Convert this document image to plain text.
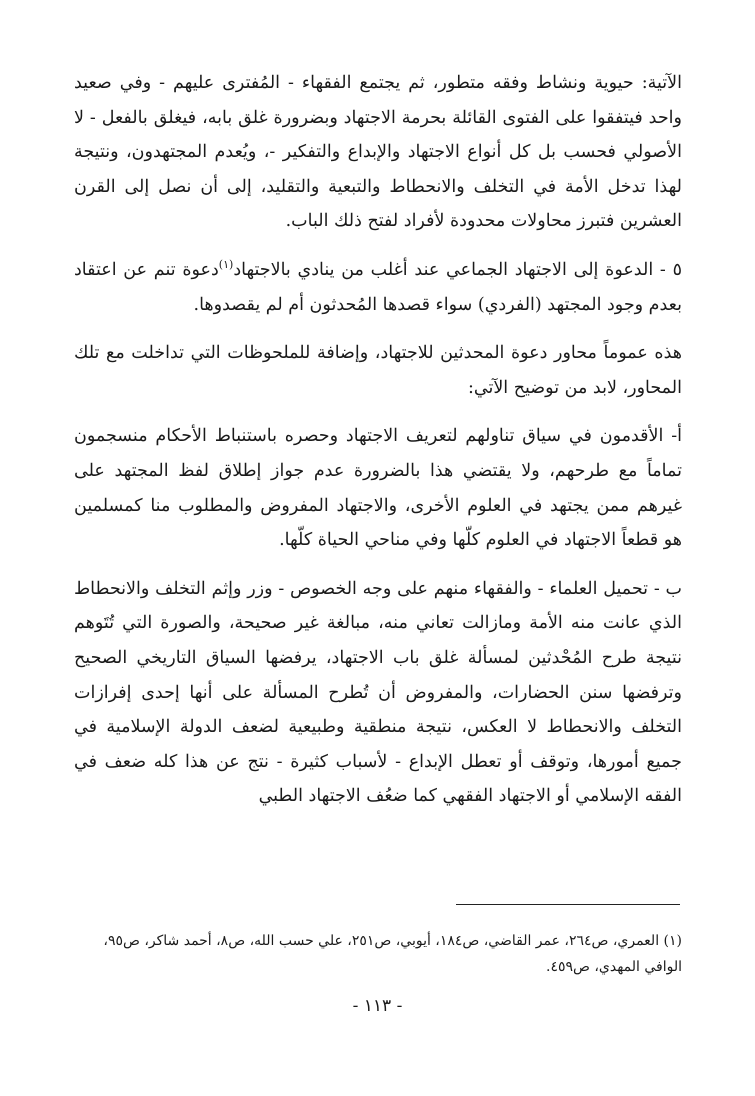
الآتية: حيوية ونشاط وفقه متطور، ثم يجتمع الفقهاء - المُفترى عليهم - وفي صعيد واحد فيتفقوا على الفتوى القائلة بحرمة الاجتهاد وبضرورة غلق بابه، فيغلق بالفعل - لا الأصولي فحسب بل كل أنواع الاجتهاد والإبداع والتفكير -، ويُعدم المجتهدون، ونتيجة لهذا تدخل الأمة في التخلف والانحطاط والتبعية والتقليد، إلى أن نصل إلى القرن العشرين فتبرز محاولات محدودة لأفراد لفتح ذلك الباب.

٥ - الدعوة إلى الاجتهاد الجماعي عند أغلب من ينادي بالاجتهاد$^{(١)}$دعوة تنم عن اعتقاد بعدم وجود المجتهد (الفردي) سواء قصدها المُحدثون أم لم يقصدوها.

هذه عموماً محاور دعوة المحدثين للاجتهاد، وإضافة للملحوظات التي تداخلت مع تلك المحاور، لابد من توضيح الآتي:

أ- الأقدمون في سياق تناولهم لتعريف الاجتهاد وحصره باستنباط الأحكام منسجمون تماماً مع طرحهم، ولا يقتضي هذا بالضرورة عدم جواز إطلاق لفظ المجتهد على غيرهم ممن يجتهد في العلوم الأخرى، والاجتهاد المفروض والمطلوب منا كمسلمين هو قطعاً الاجتهاد في العلوم كلّها وفي مناحي الحياة كلّها.

ب - تحميل العلماء - والفقهاء منهم على وجه الخصوص - وزر وإثم التخلف والانحطاط الذي عانت منه الأمة ومازالت تعاني منه، مبالغة غير صحيحة، والصورة التي تُتَوهم نتيجة طرح المُحْدثين لمسألة غلق باب الاجتهاد، يرفضها السياق التاريخي الصحيح وترفضها سنن الحضارات، والمفروض أن تُطرح المسألة على أنها إحدى إفرازات التخلف والانحطاط لا العكس، نتيجة منطقية وطبيعية لضعف الدولة الإسلامية في جميع أمورها، وتوقف أو تعطل الإبداع - لأسباب كثيرة - نتج عن هذا كله ضعف في الفقه الإسلامي أو الاجتهاد الفقهي كما ضعُف الاجتهاد الطبي

(١) العمري، ص٢٦٤، عمر القاضي، ص١٨٤، أيوبي، ص٢٥١، علي حسب الله، ص٨، أحمد شاكر، ص٩٥، الوافي المهدي، ص٤٥٩.
- ١١٣ -
